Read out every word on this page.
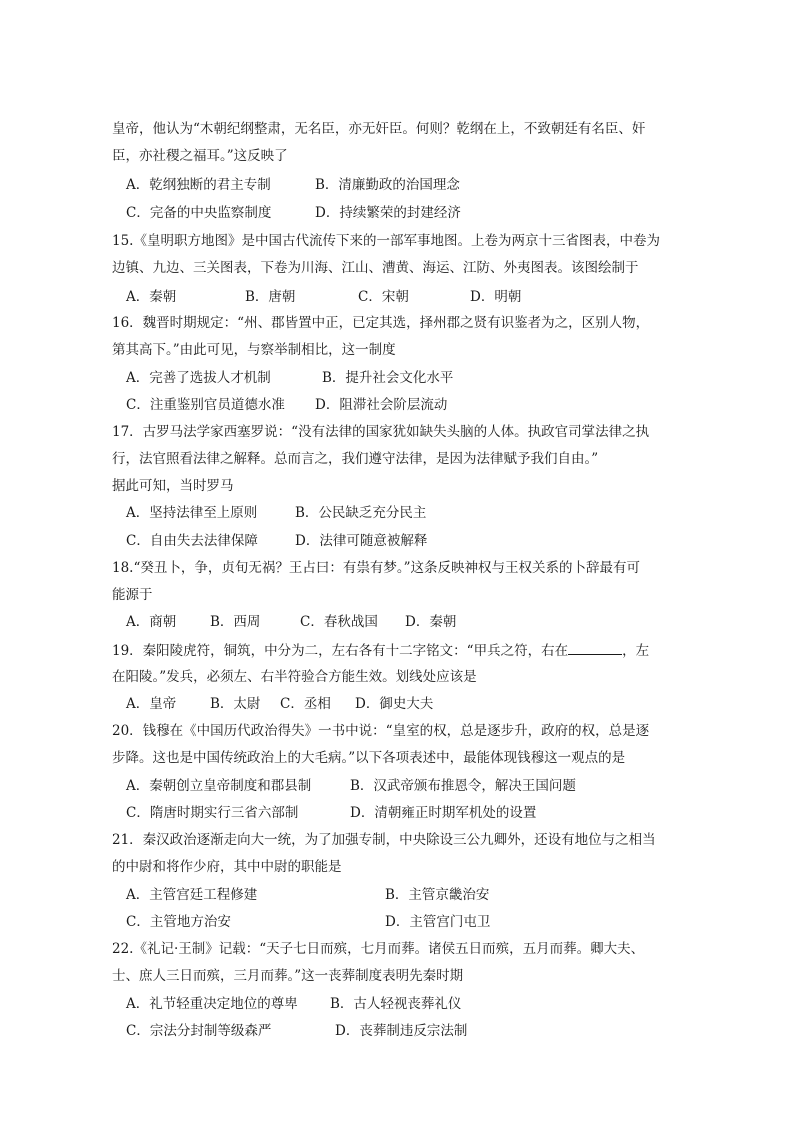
皇帝，他认为“木朝纪纲整肃，无名臣，亦无奸臣。何则？乾纲在上，不致朝廷有名臣、奸
臣，亦社稷之福耳。”这反映了
A．乾纲独断的君主专制	B．清廉勤政的治国理念
C．完备的中央监察制度	D．持续繁荣的封建经济
15.《皇明职方地图》是中国古代流传下来的一部军事地图。上卷为两京十三省图表，中卷为
边镇、九边、三关图表，下卷为川海、江山、漕黄、海运、江防、外夷图表。该图绘制于
A．秦朝	B．唐朝	C．宋朝	D．明朝
16．魏晋时期规定：“州、郡皆置中正，已定其选，择州郡之贤有识鉴者为之，区别人物，
第其高下。”由此可见，与察举制相比，这一制度
A．完善了选拔人才机制	B．提升社会文化水平
C．注重鉴别官员道德水准 D．阻滞社会阶层流动
17．古罗马法学家西塞罗说：“没有法律的国家犹如缺失头脑的人体。执政官司掌法律之执
行，法官照看法律之解释。总而言之，我们遵守法律，是因为法律赋予我们自由。”
据此可知，当时罗马
A．坚持法律至上原则	B．公民缺乏充分民主
C．自由失去法律保障	D．法律可随意被解释
18.“癸丑卜，争，贞旬无祸？王占曰：有祟有梦。”这条反映神权与王权关系的卜辞最有可
能源于
A．商朝	B．西周	C．春秋战国 D．秦朝
19．秦阳陵虎符，铜筑，中分为二，左右各有十二字铭文：“甲兵之符，右在	，左
在阳陵。”发兵，必须左、右半符验合方能生效。划线处应该是
A．皇帝	B．太尉 C．丞相 D．御史大夫
20．钱穆在《中国历代政治得失》一书中说：“皇室的权，总是逐步升，政府的权，总是逐
步降。这也是中国传统政治上的大毛病。”以下各项表述中，最能体现钱穆这一观点的是
A．秦朝创立皇帝制度和郡县制	B．汉武帝颁布推恩令，解决王国问题
C．隋唐时期实行三省六部制	D．清朝雍正时期军机处的设置
21．秦汉政治逐渐走向大一统，为了加强专制，中央除设三公九卿外，还设有地位与之相当
的中尉和将作少府，其中中尉的职能是
A．主管宫廷工程修建	B．主管京畿治安
C．主管地方治安	D．主管宫门屯卫
22.《礼记·王制》记载：“天子七日而殡，七月而葬。诸侯五日而殡，五月而葬。卿大夫、
士、庶人三日而殡，三月而葬。”这一丧葬制度表明先秦时期
A．礼节轻重决定地位的尊卑 B．古人轻视丧葬礼仪
C．宗法分封制等级森严	D．丧葬制违反宗法制
